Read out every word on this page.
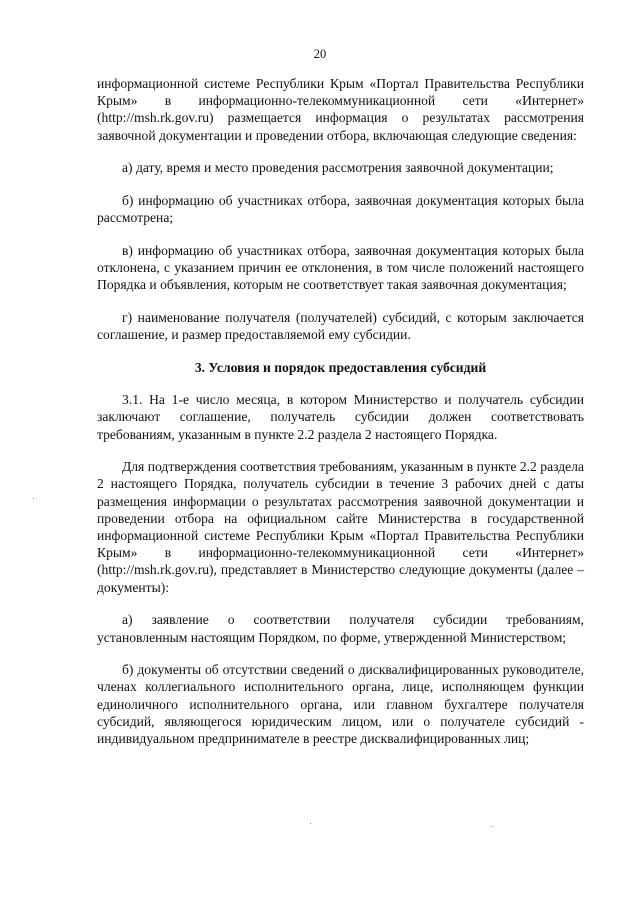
20

информационной системе Республики Крым «Портал Правительства Республики Крым» в информационно-телекоммуникационной сети «Интернет» (http://msh.rk.gov.ru) размещается информация о результатах рассмотрения заявочной документации и проведении отбора, включающая следующие сведения:

а) дату, время и место проведения рассмотрения заявочной документации;

б) информацию об участниках отбора, заявочная документация которых была рассмотрена;

в) информацию об участниках отбора, заявочная документация которых была отклонена, с указанием причин ее отклонения, в том числе положений настоящего Порядка и объявления, которым не соответствует такая заявочная документация;

г) наименование получателя (получателей) субсидий, с которым заключается соглашение, и размер предоставляемой ему субсидии.

3. Условия и порядок предоставления субсидий

3.1. На 1-е число месяца, в котором Министерство и получатель субсидии заключают соглашение, получатель субсидии должен соответствовать требованиям, указанным в пункте 2.2 раздела 2 настоящего Порядка.

Для подтверждения соответствия требованиям, указанным в пункте 2.2 раздела 2 настоящего Порядка, получатель субсидии в течение 3 рабочих дней с даты размещения информации о результатах рассмотрения заявочной документации и проведении отбора на официальном сайте Министерства в государственной информационной системе Республики Крым «Портал Правительства Республики Крым» в информационно-телекоммуникационной сети «Интернет» (http://msh.rk.gov.ru), представляет в Министерство следующие документы (далее – документы):

а) заявление о соответствии получателя субсидии требованиям, установленным настоящим Порядком, по форме, утвержденной Министерством;

б) документы об отсутствии сведений о дисквалифицированных руководителе, членах коллегиального исполнительного органа, лице, исполняющем функции единоличного исполнительного органа, или главном бухгалтере получателя субсидий, являющегося юридическим лицом, или о получателе субсидий - индивидуальном предпринимателе в реестре дисквалифицированных лиц;
